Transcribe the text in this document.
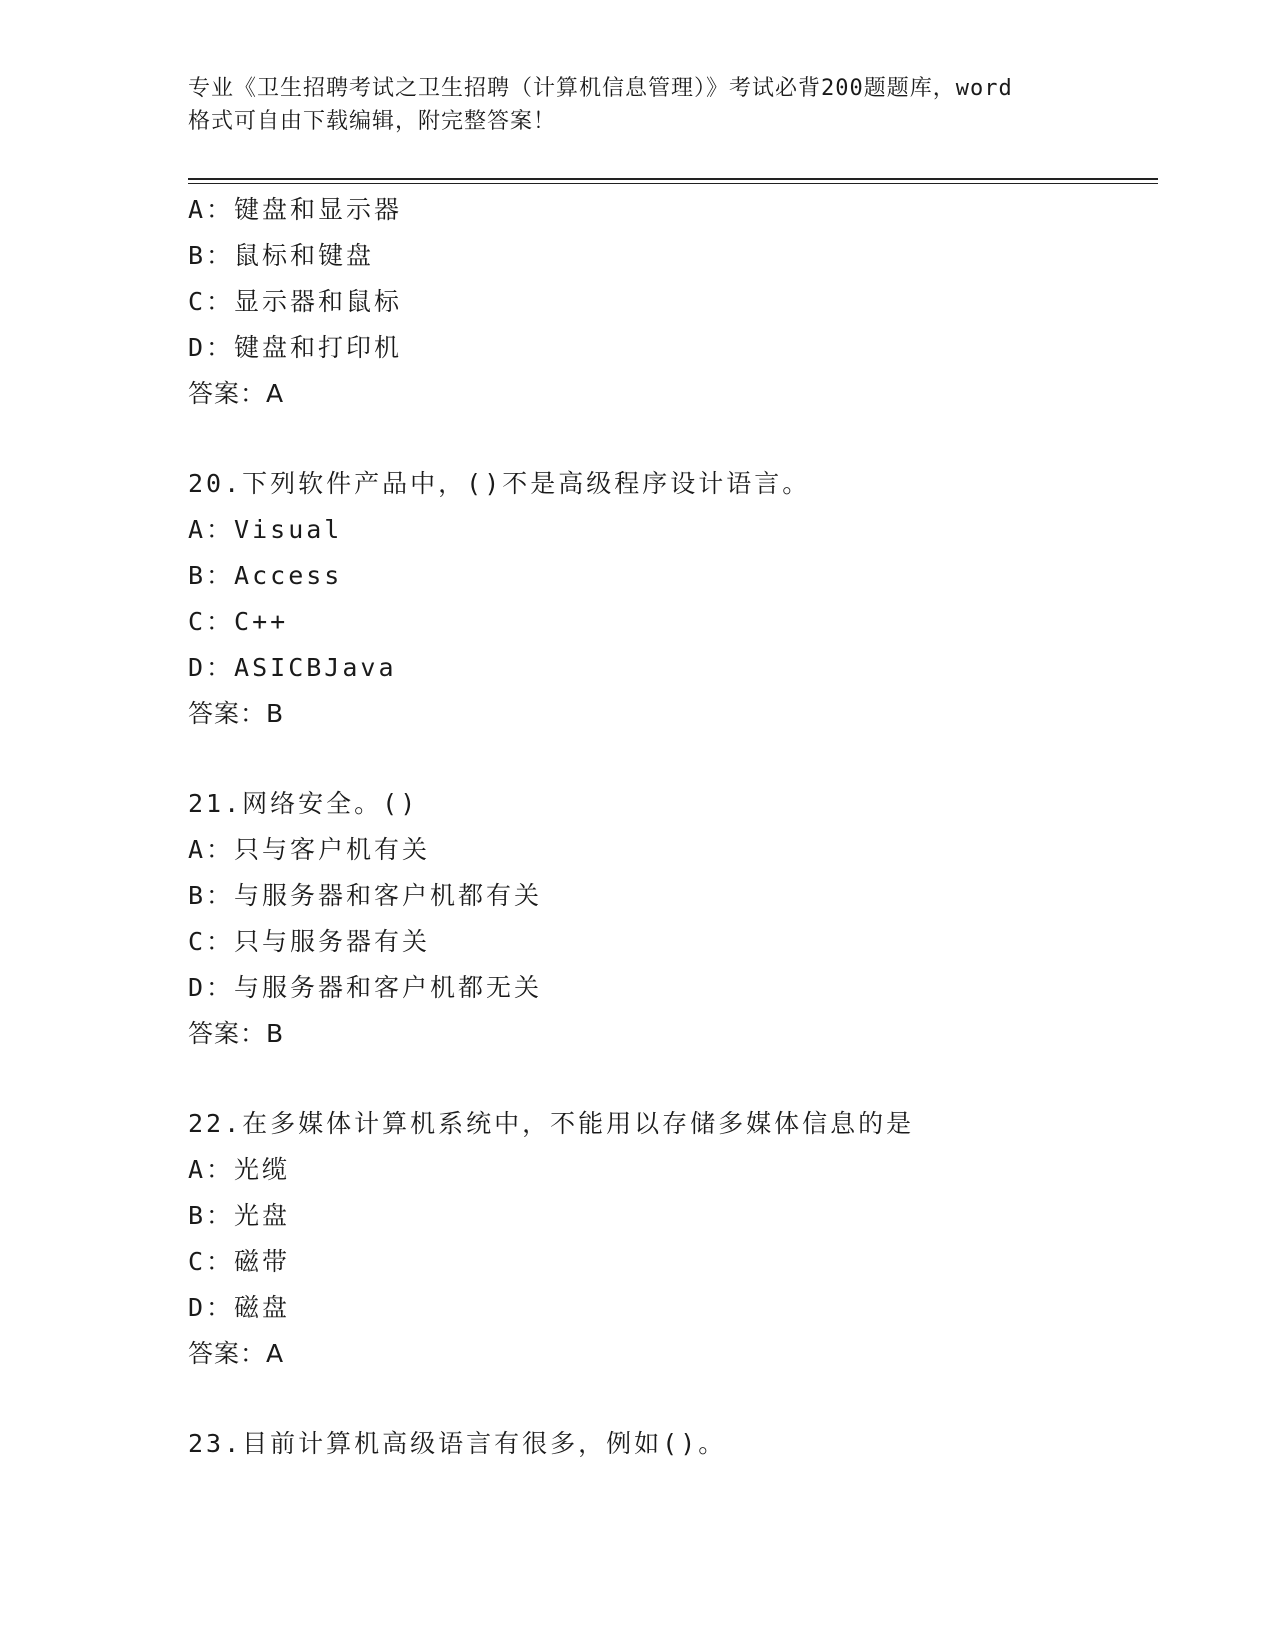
专业《卫生招聘考试之卫生招聘（计算机信息管理）》考试必背200题题库，word
格式可自由下载编辑，附完整答案！
A：键盘和显示器
B：鼠标和键盘
C：显示器和鼠标
D：键盘和打印机
答案：A
20.下列软件产品中，()不是高级程序设计语言。
A：Visual
B：Access
C：C++
D：ASICBJava
答案：B
21.网络安全。()
A：只与客户机有关
B：与服务器和客户机都有关
C：只与服务器有关
D：与服务器和客户机都无关
答案：B
22.在多媒体计算机系统中，不能用以存储多媒体信息的是
A：光缆
B：光盘
C：磁带
D：磁盘
答案：A
23.目前计算机高级语言有很多，例如()。
